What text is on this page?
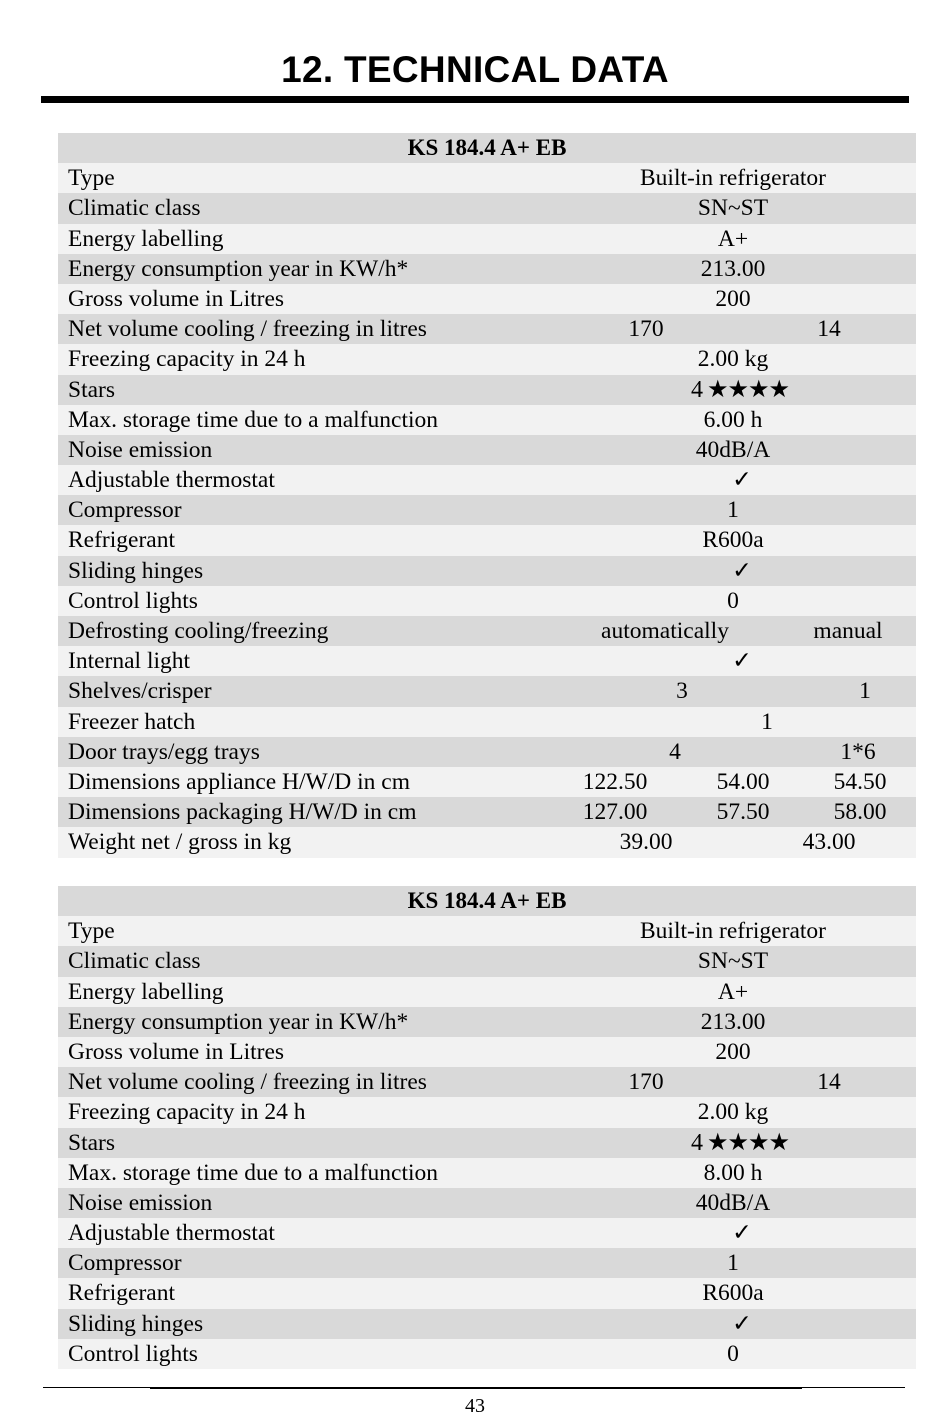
12. TECHNICAL DATA
KS 184.4 A+ EB
Type	Built-in refrigerator
Climatic class	SN~ST
Energy labelling	A+
Energy consumption year in KW/h*	213.00
Gross volume in Litres	200
Net volume cooling / freezing in litres	170	14
Freezing capacity in 24 h	2.00 kg
Stars	4 ★★★★
Max. storage time due to a malfunction	6.00 h
Noise emission	40dB/A
Adjustable thermostat	✓
Compressor	1
Refrigerant	R600a
Sliding hinges	✓
Control lights	0
Defrosting cooling/freezing	automatically	manual
Internal light	✓
Shelves/crisper	3	1
Freezer hatch	1
Door trays/egg trays	4	1*6
Dimensions appliance H/W/D in cm	122.50	54.00	54.50
Dimensions packaging H/W/D in cm	127.00	57.50	58.00
Weight net / gross in kg	39.00	43.00
KS 184.4 A+ EB
Type	Built-in refrigerator
Climatic class	SN~ST
Energy labelling	A+
Energy consumption year in KW/h*	213.00
Gross volume in Litres	200
Net volume cooling / freezing in litres	170	14
Freezing capacity in 24 h	2.00 kg
Stars	4 ★★★★
Max. storage time due to a malfunction	8.00 h
Noise emission	40dB/A
Adjustable thermostat	✓
Compressor	1
Refrigerant	R600a
Sliding hinges	✓
Control lights	0
43
